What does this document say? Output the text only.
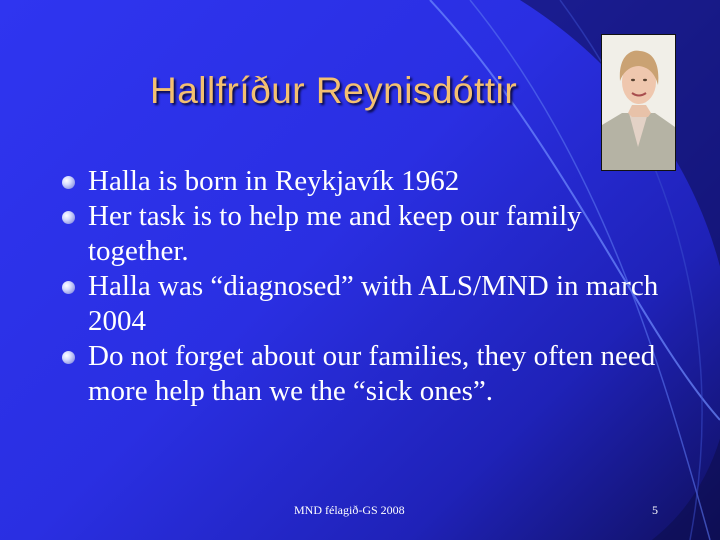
Hallfríður Reynisdóttir
Halla is born in Reykjavík 1962
Her task is to help me and keep our family together.
Halla was “diagnosed” with ALS/MND in march 2004
Do not forget about our families, they often need more help than we the “sick ones”.
MND félagið-GS 2008	5
